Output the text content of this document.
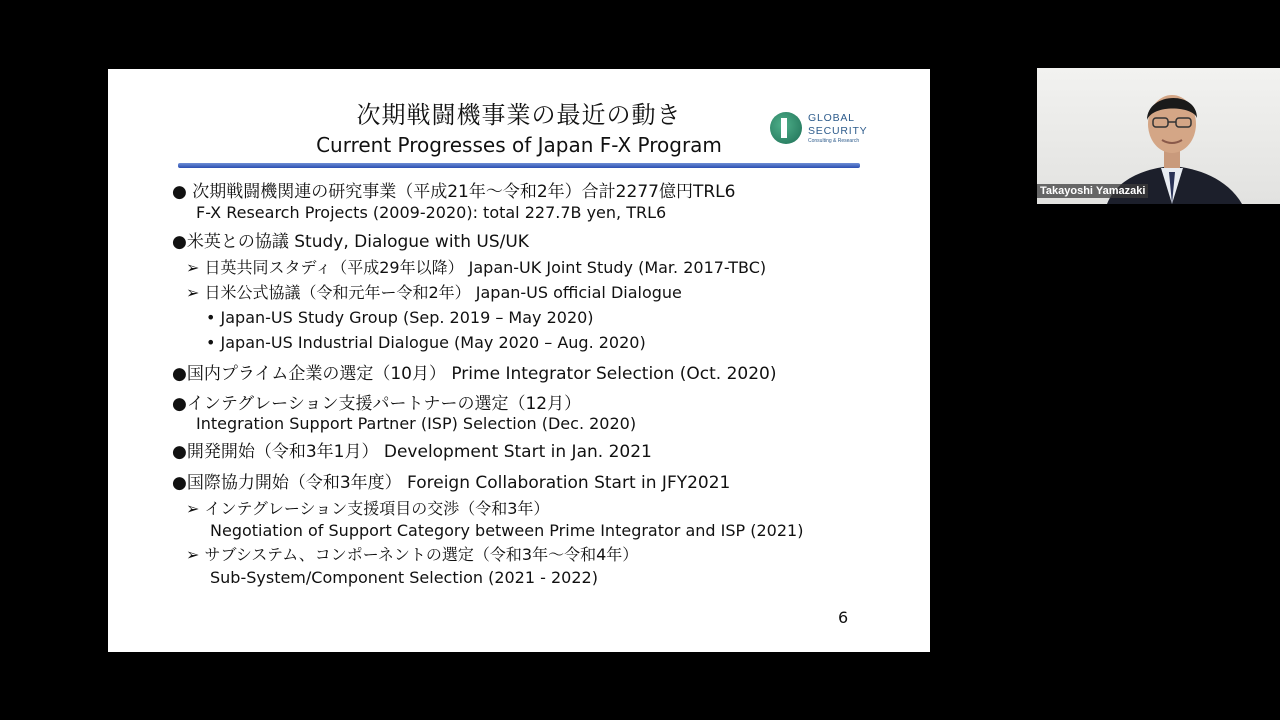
次期戦闘機事業の最近の動き
Current Progresses of Japan F-X Program
GLOBAL
SECURITY
Consulting & Research
● 次期戦闘機関連の研究事業（平成21年～令和2年）合計2277億円TRL6
F-X Research Projects (2009-2020): total 227.7B yen, TRL6
●米英との協議 Study, Dialogue with US/UK
➢ 日英共同スタディ（平成29年以降） Japan-UK Joint Study (Mar. 2017-TBC)
➢ 日米公式協議（令和元年ー令和2年） Japan-US official Dialogue
• Japan-US Study Group (Sep. 2019 – May 2020)
• Japan-US Industrial Dialogue (May 2020 – Aug. 2020)
●国内プライム企業の選定（10月） Prime Integrator Selection (Oct. 2020)
●インテグレーション支援パートナーの選定（12月）
Integration Support Partner (ISP) Selection (Dec. 2020)
●開発開始（令和3年1月） Development Start in Jan. 2021
●国際協力開始（令和3年度） Foreign Collaboration Start in JFY2021
➢ インテグレーション支援項目の交渉（令和3年）
Negotiation of Support Category between Prime Integrator and ISP (2021)
➢ サブシステム、コンポーネントの選定（令和3年～令和4年）
Sub-System/Component Selection (2021 - 2022)
6
Takayoshi Yamazaki
